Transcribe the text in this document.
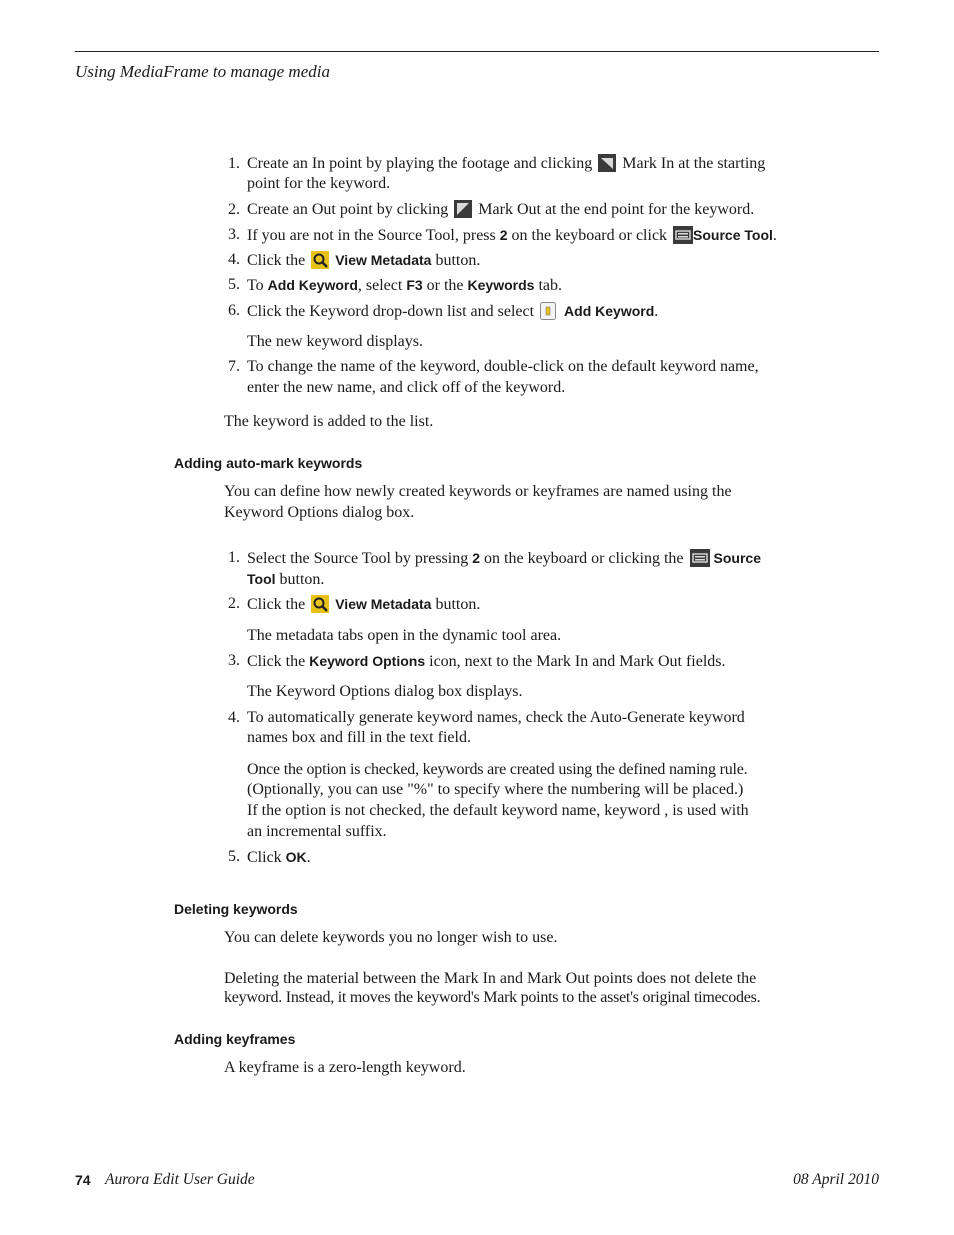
Using MediaFrame to manage media
1. Create an In point by playing the footage and clicking Mark In at the starting
point for the keyword.
2. Create an Out point by clicking Mark Out at the end point for the keyword.
3. If you are not in the Source Tool, press 2 on the keyboard or click Source Tool.
4. Click the View Metadata button.
5. To Add Keyword, select F3 or the Keywords tab.
6. Click the Keyword drop-down list and select Add Keyword.
The new keyword displays.
7. To change the name of the keyword, double-click on the default keyword name,
enter the new name, and click off of the keyword.
The keyword is added to the list.
You can define how newly created keywords or keyframes are named using the
Keyword Options dialog box.
1. Select the Source Tool by pressing 2 on the keyboard or clicking the Source
Tool button.
2. Click the View Metadata button.
The metadata tabs open in the dynamic tool area.
3. Click the Keyword Options icon, next to the Mark In and Mark Out fields.
The Keyword Options dialog box displays.
4. To automatically generate keyword names, check the Auto-Generate keyword
names box and fill in the text field.
Once the option is checked, keywords are created using the defined naming rule.
(Optionally, you can use "%" to specify where the numbering will be placed.)
If the option is not checked, the default keyword name, keyword , is used with
an incremental suffix.
5. Click OK.
You can delete keywords you no longer wish to use.
Deleting the material between the Mark In and Mark Out points does not delete the
keyword. Instead, it moves the keyword's Mark points to the asset's original timecodes.
A keyframe is a zero-length keyword.
Adding auto-mark keywords
Deleting keywords
Adding keyframes
74 Aurora Edit User Guide	08 April 2010
